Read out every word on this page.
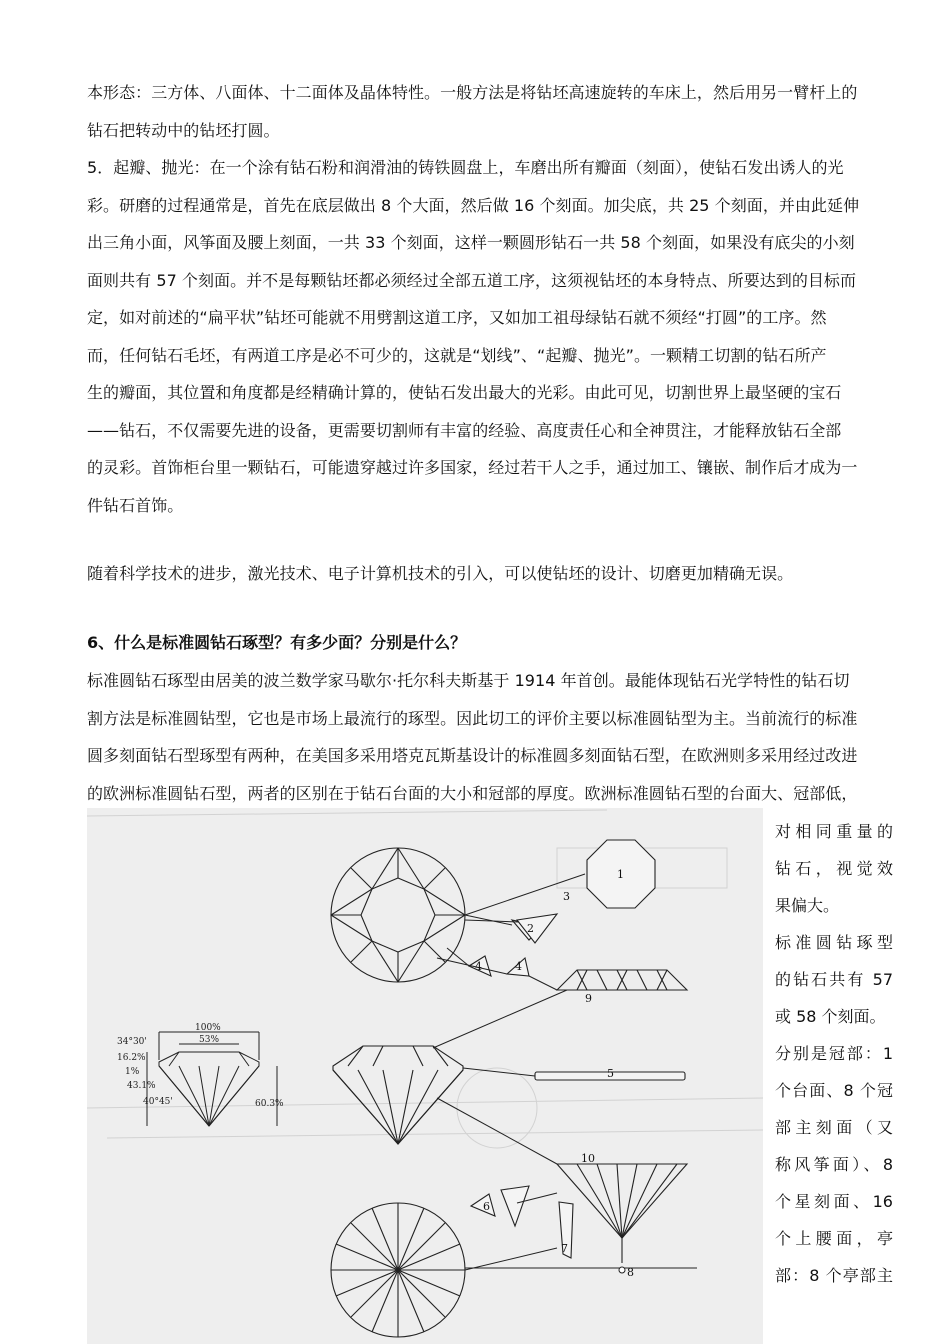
本形态：三方体、八面体、十二面体及晶体特性。一般方法是将钻坯高速旋转的车床上，然后用另一臂杆上的
钻石把转动中的钻坯打圆。
5．起瓣、抛光：在一个涂有钻石粉和润滑油的铸铁圆盘上，车磨出所有瓣面（刻面），使钻石发出诱人的光
彩。研磨的过程通常是，首先在底层做出 8 个大面，然后做 16 个刻面。加尖底，共 25 个刻面，并由此延伸
出三角小面，风筝面及腰上刻面，一共 33 个刻面，这样一颗圆形钻石一共 58 个刻面，如果没有底尖的小刻
面则共有 57 个刻面。并不是每颗钻坯都必须经过全部五道工序，这须视钻坯的本身特点、所要达到的目标而
定，如对前述的“扁平状”钻坯可能就不用劈割这道工序，又如加工祖母绿钻石就不须经“打圆”的工序。然
而，任何钻石毛坯，有两道工序是必不可少的，这就是“划线”、“起瓣、抛光”。一颗精工切割的钻石所产
生的瓣面，其位置和角度都是经精确计算的，使钻石发出最大的光彩。由此可见，切割世界上最坚硬的宝石
——钻石，不仅需要先进的设备，更需要切割师有丰富的经验、高度责任心和全神贯注，才能释放钻石全部
的灵彩。首饰柜台里一颗钻石，可能遗穿越过许多国家，经过若干人之手，通过加工、镶嵌、制作后才成为一
件钻石首饰。
随着科学技术的进步，激光技术、电子计算机技术的引入，可以使钻坯的设计、切磨更加精确无误。
6、什么是标准圆钻石琢型？有多少面？分别是什么？
标准圆钻石琢型由居美的波兰数学家马歇尔·托尔科夫斯基于 1914 年首创。最能体现钻石光学特性的钻石切
割方法是标准圆钻型，它也是市场上最流行的琢型。因此切工的评价主要以标准圆钻型为主。当前流行的标准
圆多刻面钻石型琢型有两种，在美国多采用塔克瓦斯基设计的标准圆多刻面钻石型，在欧洲则多采用经过改进
的欧洲标准圆钻石型，两者的区别在于钻石台面的大小和冠部的厚度。欧洲标准圆钻石型的台面大、冠部低，
100%
53%
34°30'
16.2%
1%
43.1%
40°45'	60.3%
1
2
3
4	4
5
6
7
8
9
10
对相同重量的
钻石，视觉效
果偏大。
标准圆钻琢型
的钻石共有 57
或 58 个刻面。
分别是冠部：1
个台面、8 个冠
部主刻面（又
称风筝面）、8
个星刻面、16
个上腰面，亭
部：8 个亭部主
